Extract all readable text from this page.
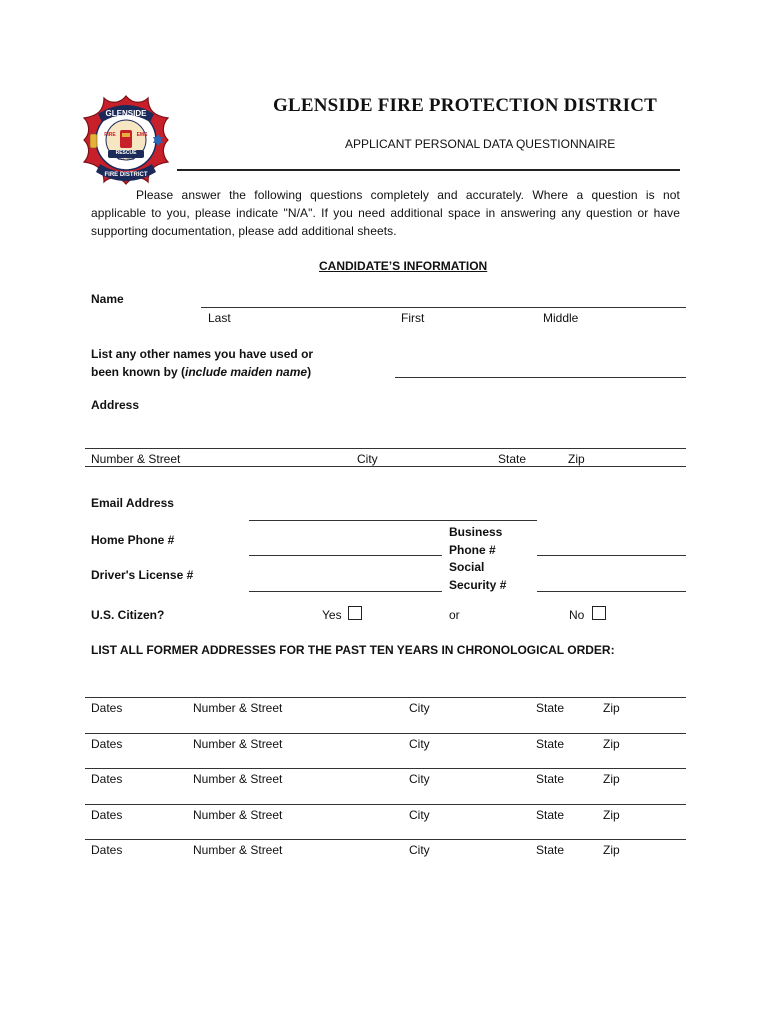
GLENSIDE
FIRE	EMS
RESCUE
EST. 1948
FIRE DISTRICT
GLENSIDE FIRE PROTECTION DISTRICT
APPLICANT PERSONAL DATA QUESTIONNAIRE
Please answer the following questions completely and accurately. Where a question is not applicable to you, please indicate "N/A". If you need additional space in answering any question or have supporting documentation, please add additional sheets.
CANDIDATE’S INFORMATION
Name
Last	First	Middle
List any other names you have used or
been known by (include maiden name)
Address
Number & Street	City	State	Zip
Email Address
Home Phone #
Business
Phone #
Driver's License #
Social
Security #
U.S. Citizen?	Yes	or	No
LIST ALL FORMER ADDRESSES FOR THE PAST TEN YEARS IN CHRONOLOGICAL ORDER:
Dates	Number & Street	City	State	Zip
Dates	Number & Street	City	State	Zip
Dates	Number & Street	City	State	Zip
Dates	Number & Street	City	State	Zip
Dates	Number & Street	City	State	Zip
